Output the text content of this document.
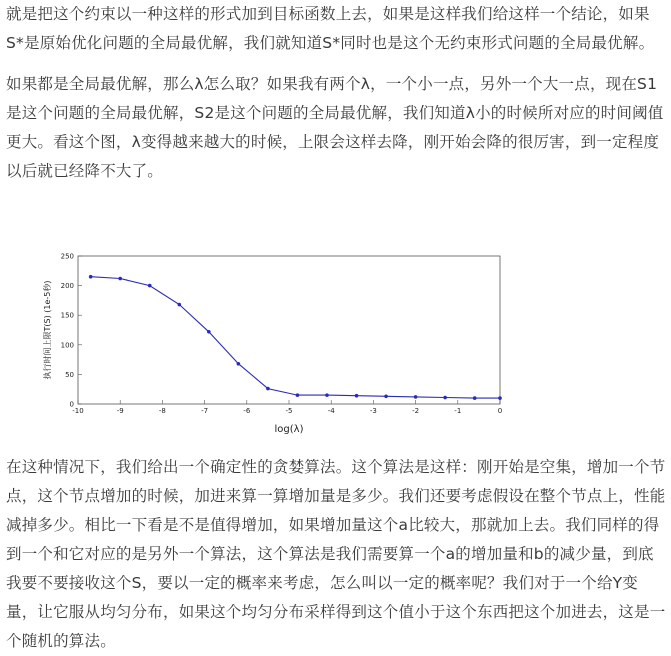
就是把这个约束以一种这样的形式加到目标函数上去，如果是这样我们给这样一个结论，如果S*是原始优化问题的全局最优解，我们就知道S*同时也是这个无约束形式问题的全局最优解。

如果都是全局最优解，那么λ怎么取？如果我有两个λ，一个小一点，另外一个大一点，现在S1是这个问题的全局最优解，S2是这个问题的全局最优解，我们知道λ小的时候所对应的时间阈值更大。看这个图，λ变得越来越大的时候，上限会这样去降，刚开始会降的很厉害，到一定程度以后就已经降不大了。

0
50
100
150
200
250
-10	-9	-8	-7	-6	-5	-4	-3	-2	-1	0
log(λ)
执行时间上限T(S) (1e-5秒)

在这种情况下，我们给出一个确定性的贪婪算法。这个算法是这样：刚开始是空集，增加一个节点，这个节点增加的时候，加进来算一算增加量是多少。我们还要考虑假设在整个节点上，性能减掉多少。相比一下看是不是值得增加，如果增加量这个a比较大，那就加上去。我们同样的得到一个和它对应的是另外一个算法，这个算法是我们需要算一个a的增加量和b的减少量，到底我要不要接收这个S，要以一定的概率来考虑，怎么叫以一定的概率呢？我们对于一个给Y变量，让它服从均匀分布，如果这个均匀分布采样得到这个值小于这个东西把这个加进去，这是一个随机的算法。
